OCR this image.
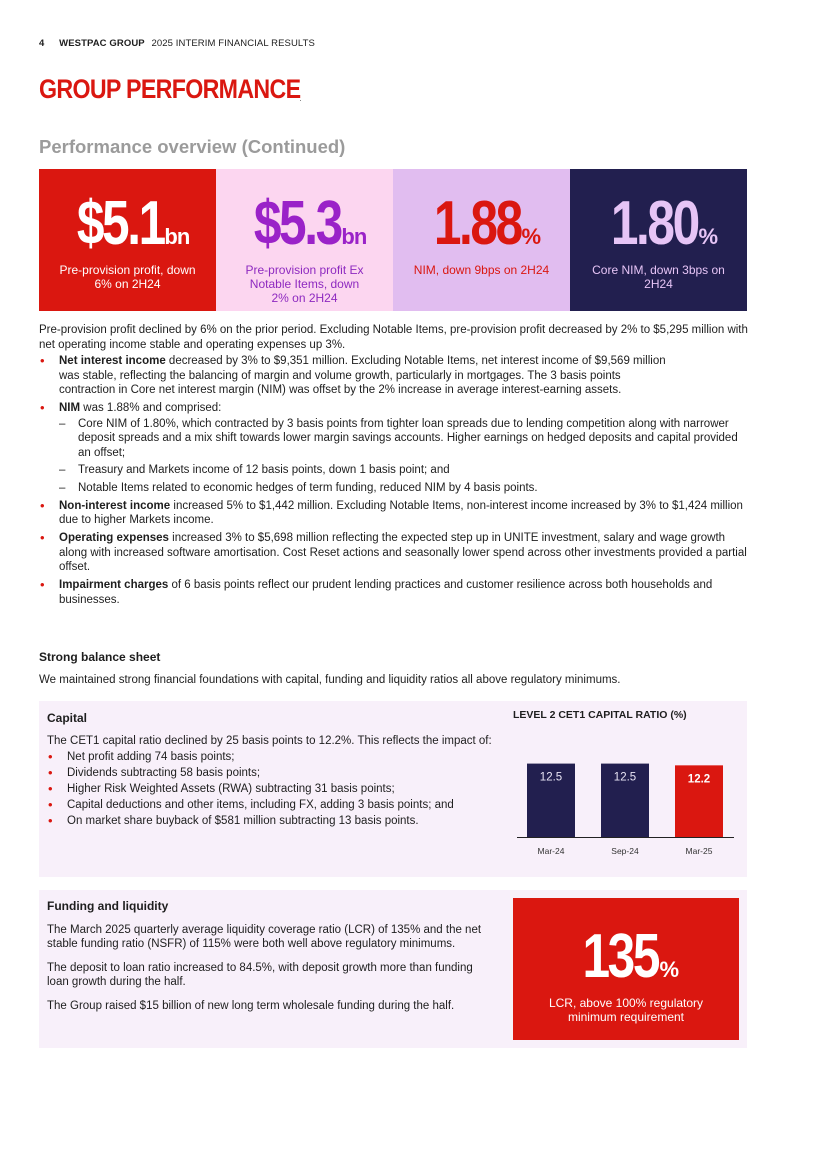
4 WESTPAC GROUP 2025 INTERIM FINANCIAL RESULTS
GROUP PERFORMANCE
Performance overview (Continued)
$5.1bn
Pre-provision profit, down 6% on 2H24
$5.3bn
Pre-provision profit Ex Notable Items, down 2% on 2H24
1.88%
NIM, down 9bps on 2H24
1.80%
Core NIM, down 3bps on 2H24

Pre-provision profit declined by 6% on the prior period. Excluding Notable Items, pre-provision profit decreased by 2% to $5,295 million with net operating income stable and operating expenses up 3%.

• Net interest income decreased by 3% to $9,351 million. Excluding Notable Items, net interest income of $9,569 million was stable, reflecting the balancing of margin and volume growth, particularly in mortgages. The 3 basis points contraction in Core net interest margin (NIM) was offset by the 2% increase in average interest-earning assets.
• NIM was 1.88% and comprised:
– Core NIM of 1.80%, which contracted by 3 basis points from tighter loan spreads due to lending competition along with narrower deposit spreads and a mix shift towards lower margin savings accounts. Higher earnings on hedged deposits and capital provided an offset;
– Treasury and Markets income of 12 basis points, down 1 basis point; and
– Notable Items related to economic hedges of term funding, reduced NIM by 4 basis points.
• Non-interest income increased 5% to $1,442 million. Excluding Notable Items, non-interest income increased by 3% to $1,424 million due to higher Markets income.
• Operating expenses increased 3% to $5,698 million reflecting the expected step up in UNITE investment, salary and wage growth along with increased software amortisation. Cost Reset actions and seasonally lower spend across other investments provided a partial offset.
• Impairment charges of 6 basis points reflect our prudent lending practices and customer resilience across both households and businesses.
Strong balance sheet

We maintained strong financial foundations with capital, funding and liquidity ratios all above regulatory minimums.

Capital

The CET1 capital ratio declined by 25 basis points to 12.2%. This reflects the impact of:

• Net profit adding 74 basis points;
• Dividends subtracting 58 basis points;
• Higher Risk Weighted Assets (RWA) subtracting 31 basis points;
• Capital deductions and other items, including FX, adding 3 basis points; and
• On market share buyback of $581 million subtracting 13 basis points.
LEVEL 2 CET1 CAPITAL RATIO (%)
12.5
Mar-24
12.5
Sep-24
12.2
Mar-25
Funding and liquidity

The March 2025 quarterly average liquidity coverage ratio (LCR) of 135% and the net stable funding ratio (NSFR) of 115% were both well above regulatory minimums.

The deposit to loan ratio increased to 84.5%, with deposit growth more than funding loan growth during the half.

The Group raised $15 billion of new long term wholesale funding during the half.

135%
LCR, above 100% regulatory minimum requirement
